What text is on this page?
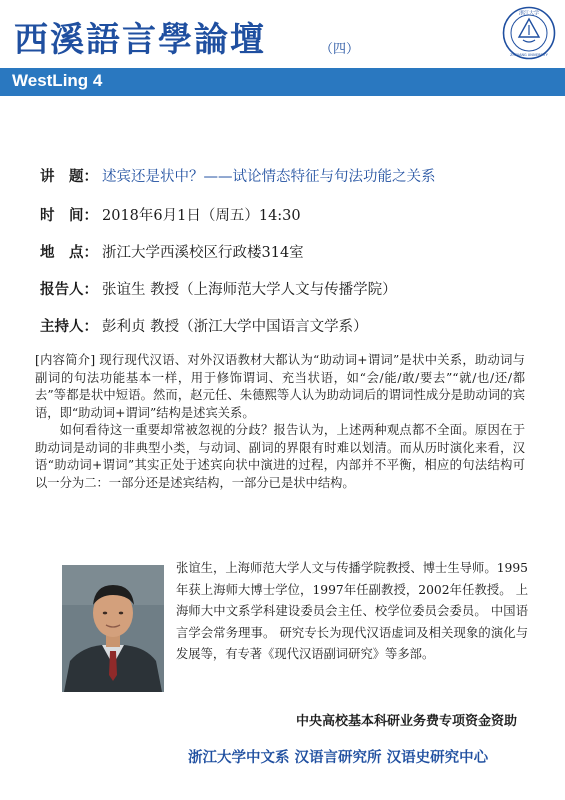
西溪語言學論壇	（四）
浙江大学
ZHEJIANG UNIVERSITY
WestLing 4
讲　题： 述宾还是状中？——试论情态特征与句法功能之关系
时　间： 2018年6月1日（周五）14:30
地　点： 浙江大学西溪校区行政楼314室
报告人： 张谊生 教授（上海师范大学人文与传播学院）
主持人： 彭利贞 教授（浙江大学中国语言文学系）

[内容简介] 现行现代汉语、对外汉语教材大都认为“助动词+谓词”是状中关系，助动词与副词的句法功能基本一样，用于修饰谓词、充当状语，如“会/能/敢/要去”“就/也/还/都去”等都是状中短语。然而，赵元任、朱德熙等人认为助动词后的谓词性成分是助动词的宾语，即“助动词+谓词”结构是述宾关系。

如何看待这一重要却常被忽视的分歧？报告认为，上述两种观点都不全面。原因在于助动词是动词的非典型小类，与动词、副词的界限有时难以划清。而从历时演化来看，汉语“助动词+谓词”其实正处于述宾向状中演进的过程，内部并不平衡，相应的句法结构可以一分为二：一部分还是述宾结构，一部分已是状中结构。

张谊生，上海师范大学人文与传播学院教授、博士生导师。1995年获上海师大博士学位，1997年任副教授，2002年任教授。 上海师大中文系学科建设委员会主任、校学位委员会委员。 中国语言学会常务理事。 研究专长为现代汉语虚词及相关现象的演化与发展等，有专著《现代汉语副词研究》等多部。
中央高校基本科研业务费专项资金资助
浙江大学中文系 汉语言研究所 汉语史研究中心
